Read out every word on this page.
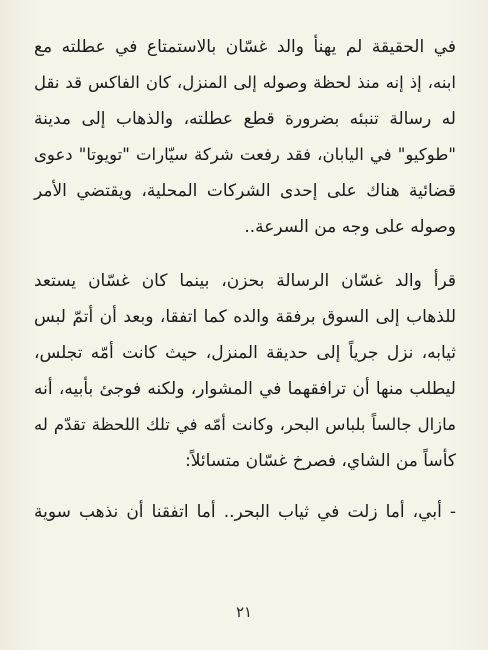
في الحقيقة لم يهنأ والد غسّان بالاستمتاع في عطلته مع

ابنه، إذ إنه منذ لحظة وصوله إلى المنزل، كان الفاكس قد نقل

له رسالة تنبئه بضرورة قطع عطلته، والذهاب إلى مدينة

"طوكيو" في اليابان، فقد رفعت شركة سيّارات "تويوتا" دعوى

قضائية هناك على إحدى الشركات المحلية، ويقتضي الأمر

وصوله على وجه من السرعة..

قرأ والد غسّان الرسالة بحزن، بينما كان غسّان يستعد

للذهاب إلى السوق برفقة والده كما اتفقا، وبعد أن أتمّ لبس

ثيابه، نزل جرياً إلى حديقة المنزل، حيث كانت أمّه تجلس،

ليطلب منها أن ترافقهما في المشوار، ولكنه فوجئ بأبيه، أنه

مازال جالساً بلباس البحر، وكانت أمّه في تلك اللحظة تقدّم له

كأساً من الشاي، فصرخ غسّان متسائلاً:

- أبي، أما زلت في ثياب البحر.. أما اتفقنا أن نذهب سوية

٢١
